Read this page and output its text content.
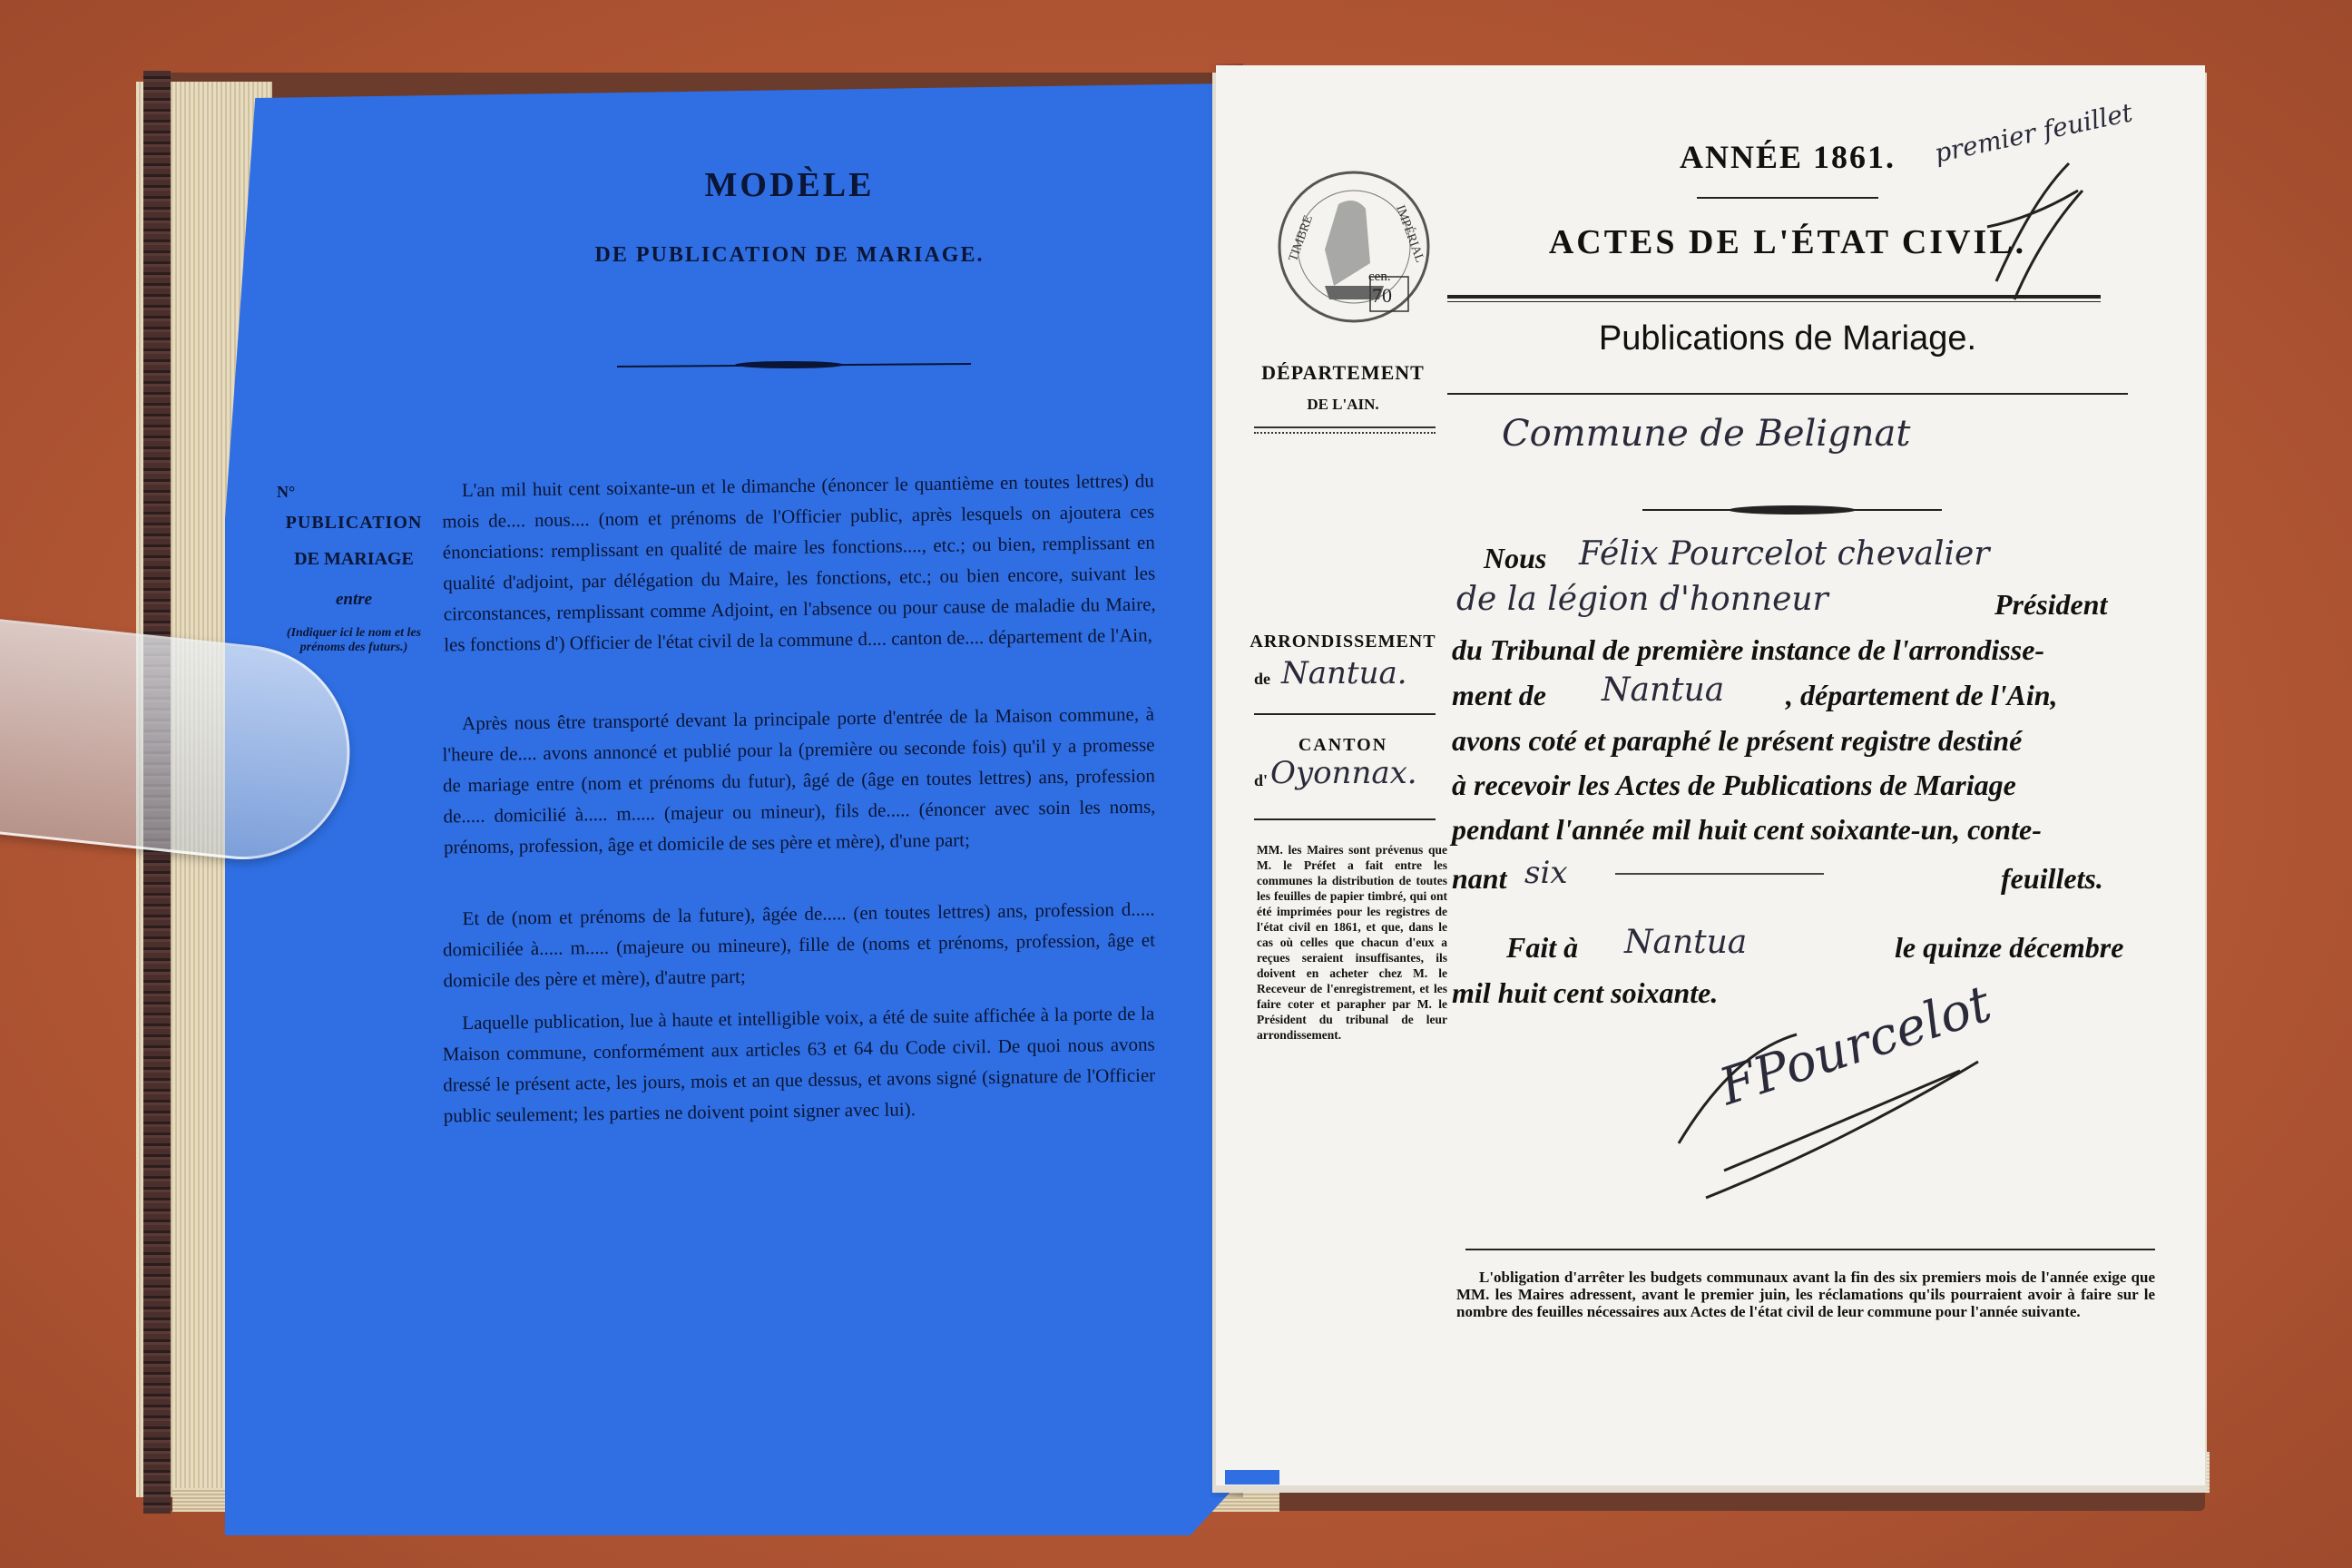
MODÈLE
DE PUBLICATION DE MARIAGE.
N°
PUBLICATION
DE MARIAGE
entre
(Indiquer ici le nom et les prénoms des futurs.)
L'an mil huit cent soixante-un et le dimanche (énoncer le quantième en toutes lettres) du mois de.... nous.... (nom et prénoms de l'Officier public, après lesquels on ajoutera ces énonciations: remplissant en qualité de maire les fonctions...., etc.; ou bien, remplissant en qualité d'adjoint, par délégation du Maire, les fonctions, etc.; ou bien encore, suivant les circonstances, remplissant comme Adjoint, en l'absence ou pour cause de maladie du Maire, les fonctions d') Officier de l'état civil de la commune d.... canton de.... département de l'Ain,
Après nous être transporté devant la principale porte d'entrée de la Maison commune, à l'heure de.... avons annoncé et publié pour la (première ou seconde fois) qu'il y a promesse de mariage entre (nom et prénoms du futur), âgé de (âge en toutes lettres) ans, profession de..... domicilié à..... m..... (majeur ou mineur), fils de..... (énoncer avec soin les noms, prénoms, profession, âge et domicile de ses père et mère), d'une part;
Et de (nom et prénoms de la future), âgée de..... (en toutes lettres) ans, profession d..... domiciliée à..... m..... (majeure ou mineure), fille de (noms et prénoms, profession, âge et domicile des père et mère), d'autre part;
Laquelle publication, lue à haute et intelligible voix, a été de suite affichée à la porte de la Maison commune, conformément aux articles 63 et 64 du Code civil. De quoi nous avons dressé le présent acte, les jours, mois et an que dessus, et avons signé (signature de l'Officier public seulement; les parties ne doivent point signer avec lui).
TIMBRE	IMPÉRIAL
cen.
70
ANNÉE 1861.	premier feuillet
ACTES DE L'ÉTAT CIVIL.
Publications de Mariage.
DÉPARTEMENT
DE L'AIN.
Commune de Belignat
ARRONDISSEMENT
de Nantua.
CANTON
d' Oyonnax.
MM. les Maires sont prévenus que M. le Préfet a fait entre les communes la distribution de toutes les feuilles de papier timbré, qui ont été imprimées pour les registres de l'état civil en 1861, et que, dans le cas où celles que chacun d'eux a reçues seraient insuffisantes, ils doivent en acheter chez M. le Receveur de l'enregistrement, et les faire coter et parapher par M. le Président du tribunal de leur arrondissement.
Nous Félix Pourcelot chevalier
de la légion d'honneur	Président
du Tribunal de première instance de l'arrondisse-
ment de Nantua , département de l'Ain,
avons coté et paraphé le présent registre destiné
à recevoir les Actes de Publications de Mariage
pendant l'année mil huit cent soixante-un, conte-
nant six	feuillets.
Fait à Nantua	le quinze décembre
mil huit cent soixante.
FPourcelot
L'obligation d'arrêter les budgets communaux avant la fin des six premiers mois de l'année exige que MM. les Maires adressent, avant le premier juin, les réclamations qu'ils pourraient avoir à faire sur le nombre des feuilles nécessaires aux Actes de l'état civil de leur commune pour l'année suivante.
